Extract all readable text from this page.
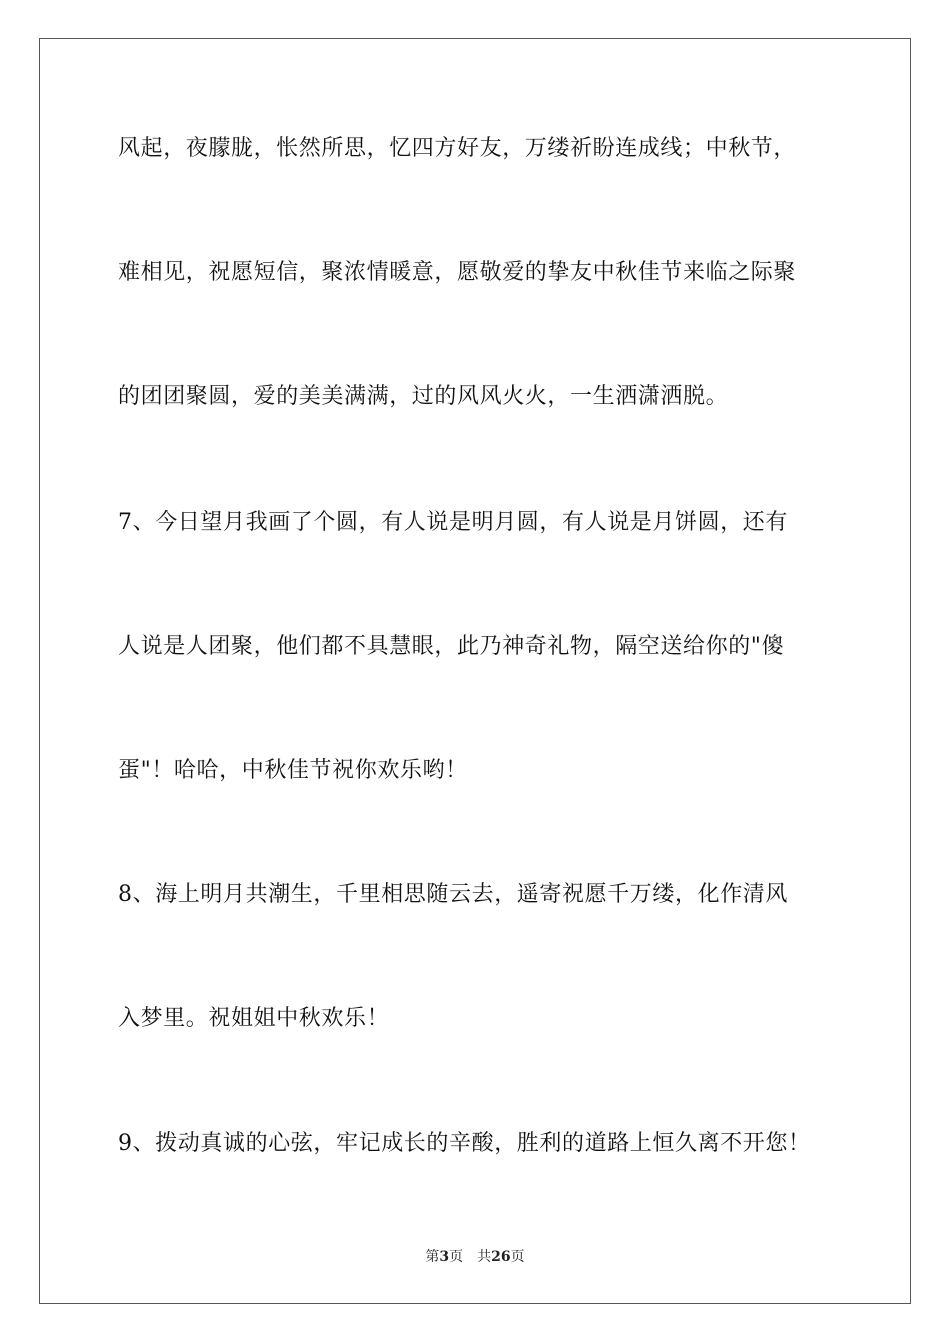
风起，夜朦胧，怅然所思，忆四方好友，万缕祈盼连成线；中秋节，
难相见，祝愿短信，聚浓情暖意，愿敬爱的挚友中秋佳节来临之际聚
的团团聚圆，爱的美美满满，过的风风火火，一生洒潇洒脱。
7、今日望月我画了个圆，有人说是明月圆，有人说是月饼圆，还有
人说是人团聚，他们都不具慧眼，此乃神奇礼物，隔空送给你的"傻
蛋"！哈哈，中秋佳节祝你欢乐哟！
8、海上明月共潮生，千里相思随云去，遥寄祝愿千万缕，化作清风
入梦里。祝姐姐中秋欢乐！
9、拨动真诚的心弦，牢记成长的辛酸，胜利的道路上恒久离不开您！
第3页 共26页
